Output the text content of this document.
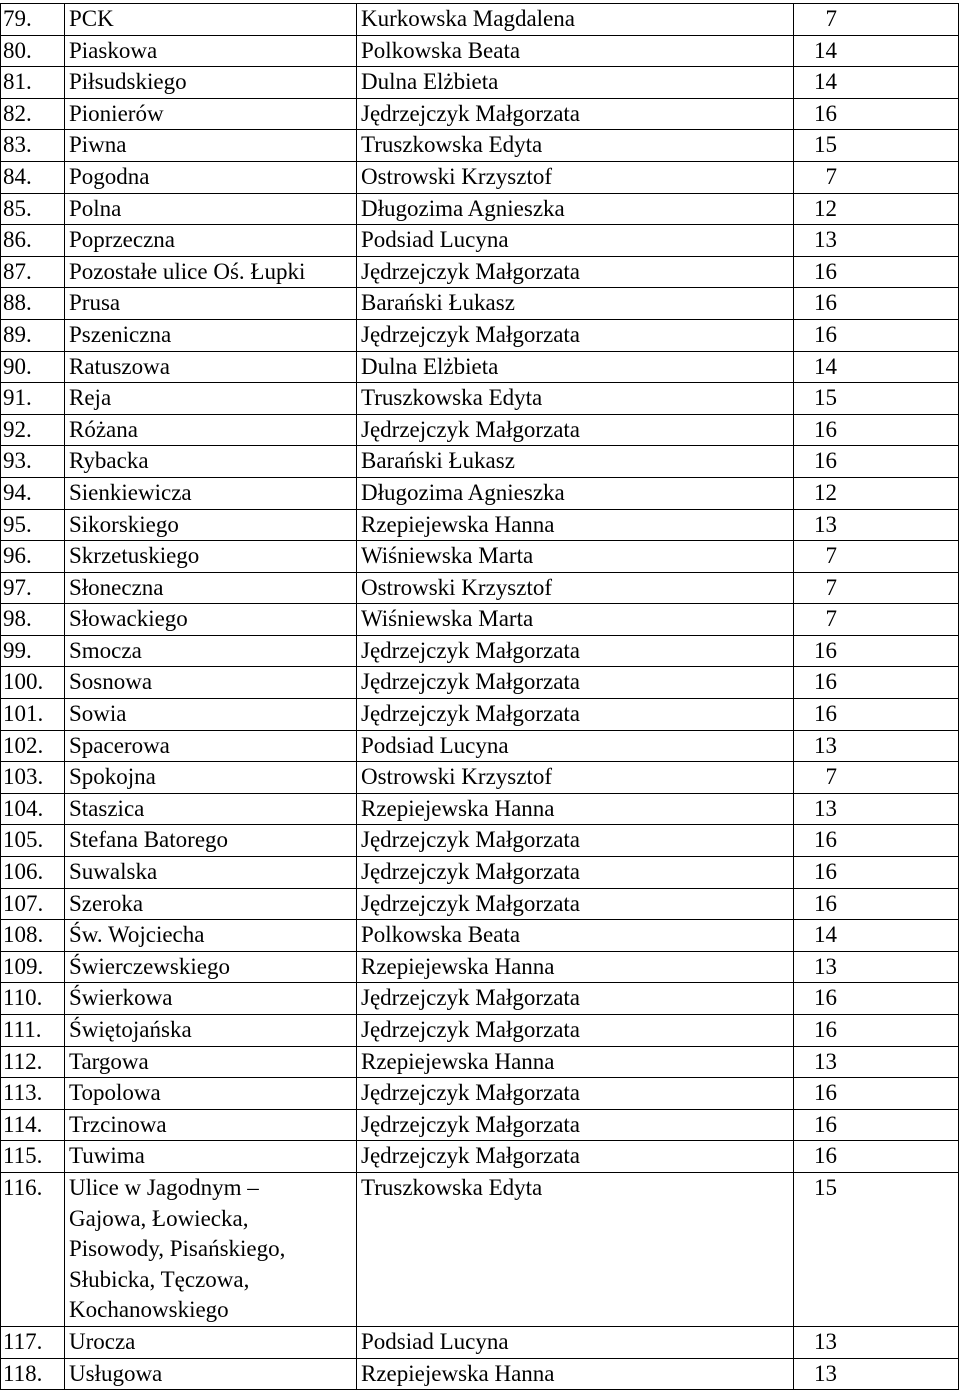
79.	PCK	Kurkowska Magdalena	7
80.	Piaskowa	Polkowska Beata	14
81.	Piłsudskiego	Dulna Elżbieta	14
82.	Pionierów	Jędrzejczyk Małgorzata	16
83.	Piwna	Truszkowska Edyta	15
84.	Pogodna	Ostrowski Krzysztof	7
85.	Polna	Długozima Agnieszka	12
86.	Poprzeczna	Podsiad Lucyna	13
87.	Pozostałe ulice Oś. Łupki	Jędrzejczyk Małgorzata	16
88.	Prusa	Barański Łukasz	16
89.	Pszeniczna	Jędrzejczyk Małgorzata	16
90.	Ratuszowa	Dulna Elżbieta	14
91.	Reja	Truszkowska Edyta	15
92.	Różana	Jędrzejczyk Małgorzata	16
93.	Rybacka	Barański Łukasz	16
94.	Sienkiewicza	Długozima Agnieszka	12
95.	Sikorskiego	Rzepiejewska Hanna	13
96.	Skrzetuskiego	Wiśniewska Marta	7
97.	Słoneczna	Ostrowski Krzysztof	7
98.	Słowackiego	Wiśniewska Marta	7
99.	Smocza	Jędrzejczyk Małgorzata	16
100.	Sosnowa	Jędrzejczyk Małgorzata	16
101.	Sowia	Jędrzejczyk Małgorzata	16
102.	Spacerowa	Podsiad Lucyna	13
103.	Spokojna	Ostrowski Krzysztof	7
104.	Staszica	Rzepiejewska Hanna	13
105.	Stefana Batorego	Jędrzejczyk Małgorzata	16
106.	Suwalska	Jędrzejczyk Małgorzata	16
107.	Szeroka	Jędrzejczyk Małgorzata	16
108.	Św. Wojciecha	Polkowska Beata	14
109.	Świerczewskiego	Rzepiejewska Hanna	13
110.	Świerkowa	Jędrzejczyk Małgorzata	16
111.	Świętojańska	Jędrzejczyk Małgorzata	16
112.	Targowa	Rzepiejewska Hanna	13
113.	Topolowa	Jędrzejczyk Małgorzata	16
114.	Trzcinowa	Jędrzejczyk Małgorzata	16
115.	Tuwima	Jędrzejczyk Małgorzata	16
116.	Ulice w Jagodnym –
Gajowa, Łowiecka,
Pisowody, Pisańskiego,
Słubicka, Tęczowa,
Kochanowskiego	Truszkowska Edyta	15
117.	Urocza	Podsiad Lucyna	13
118.	Usługowa	Rzepiejewska Hanna	13
